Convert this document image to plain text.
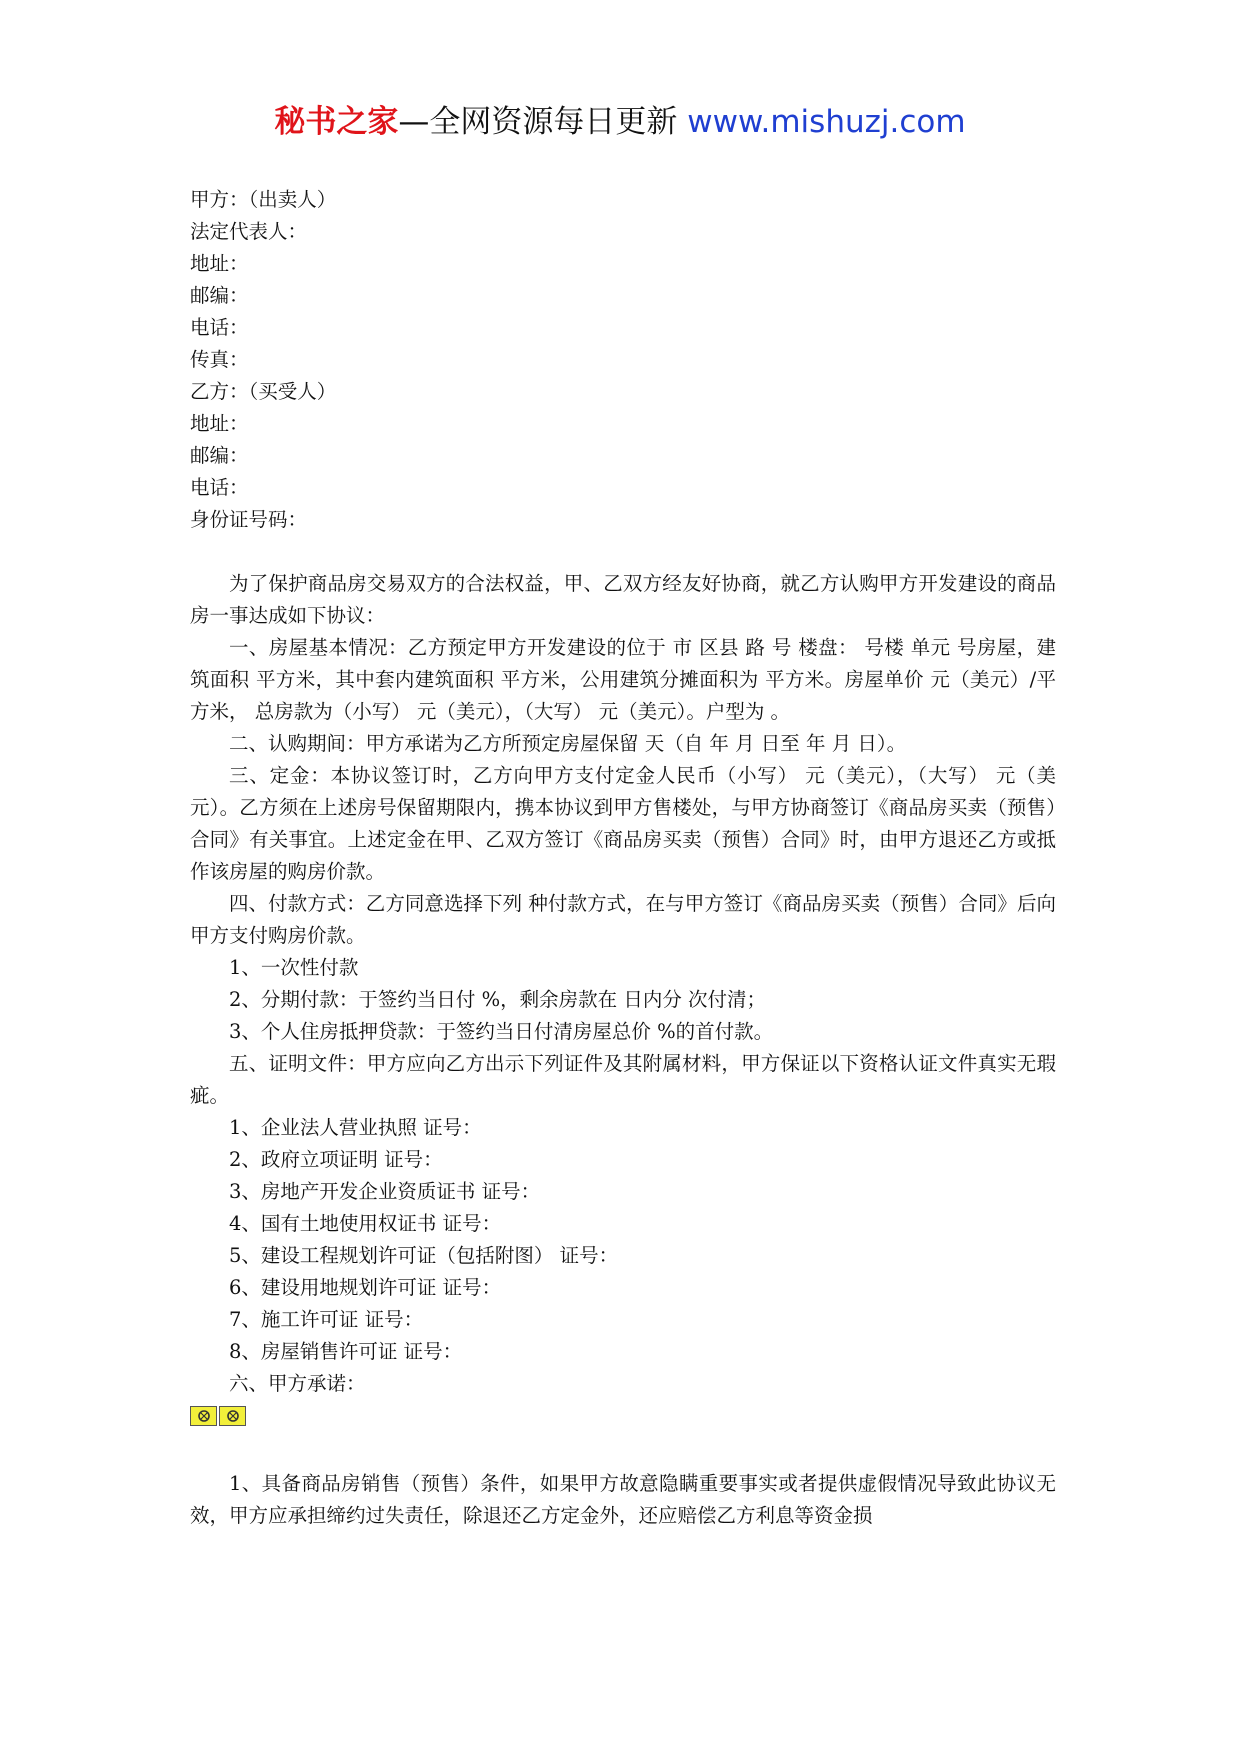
秘书之家—全网资源每日更新 www.mishuzj.com
甲方：（出卖人）
法定代表人：
地址：
邮编：
电话：
传真：
乙方：（买受人）
地址：
邮编：
电话：
身份证号码：

为了保护商品房交易双方的合法权益，甲、乙双方经友好协商，就乙方认购甲方开发建设的商品房一事达成如下协议：

一、房屋基本情况：乙方预定甲方开发建设的位于 市 区县 路 号 楼盘： 号楼 单元 号房屋，建筑面积 平方米，其中套内建筑面积 平方米，公用建筑分摊面积为 平方米。房屋单价 元（美元）/平方米， 总房款为（小写） 元（美元），（大写） 元（美元）。户型为 。

二、认购期间：甲方承诺为乙方所预定房屋保留 天（自 年 月 日至 年 月 日）。

三、定金：本协议签订时，乙方向甲方支付定金人民币（小写） 元（美元），（大写） 元（美元）。乙方须在上述房号保留期限内，携本协议到甲方售楼处，与甲方协商签订《商品房买卖（预售）合同》有关事宜。上述定金在甲、乙双方签订《商品房买卖（预售）合同》时，由甲方退还乙方或抵作该房屋的购房价款。

四、付款方式：乙方同意选择下列 种付款方式，在与甲方签订《商品房买卖（预售）合同》后向甲方支付购房价款。

1、一次性付款
2、分期付款：于签约当日付 %，剩余房款在 日内分 次付清；
3、个人住房抵押贷款：于签约当日付清房屋总价 %的首付款。

五、证明文件：甲方应向乙方出示下列证件及其附属材料，甲方保证以下资格认证文件真实无瑕疵。

1、企业法人营业执照 证号：
2、政府立项证明 证号：
3、房地产开发企业资质证书 证号：
4、国有土地使用权证书 证号：
5、建设工程规划许可证（包括附图） 证号：
6、建设用地规划许可证 证号：
7、施工许可证 证号：
8、房屋销售许可证 证号：
六、甲方承诺：

1、具备商品房销售（预售）条件，如果甲方故意隐瞒重要事实或者提供虚假情况导致此协议无效，甲方应承担缔约过失责任，除退还乙方定金外，还应赔偿乙方利息等资金损
